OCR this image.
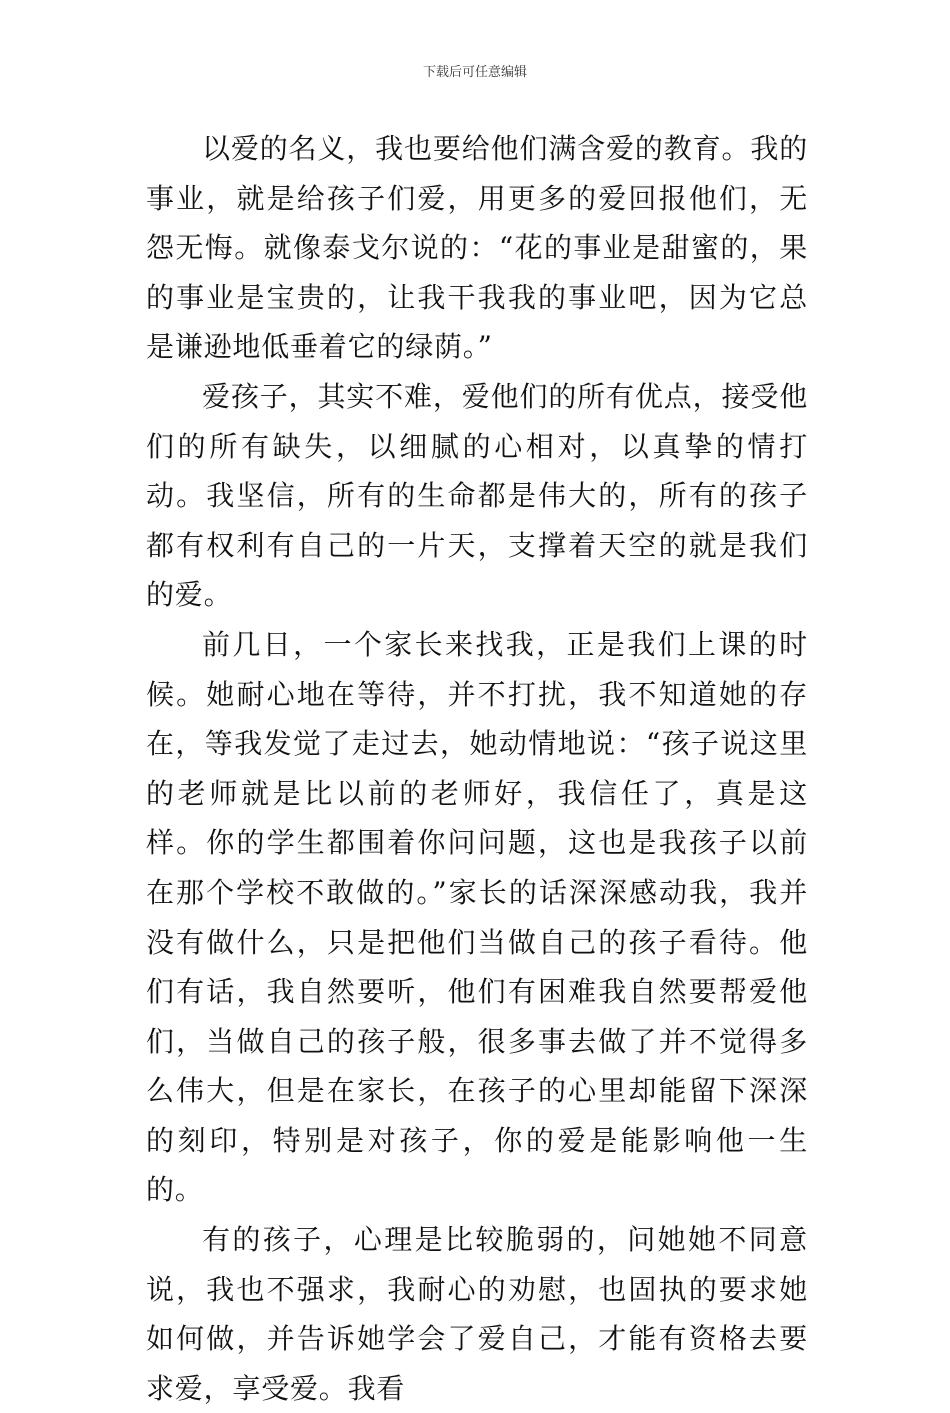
下载后可任意编辑

以爱的名义，我也要给他们满含爱的教育。我的事业，就是给孩子们爱，用更多的爱回报他们，无怨无悔。就像泰戈尔说的：“花的事业是甜蜜的，果的事业是宝贵的，让我干我我的事业吧，因为它总是谦逊地低垂着它的绿荫。”

爱孩子，其实不难，爱他们的所有优点，接受他们的所有缺失，以细腻的心相对，以真挚的情打动。我坚信，所有的生命都是伟大的，所有的孩子都有权利有自己的一片天，支撑着天空的就是我们的爱。

前几日，一个家长来找我，正是我们上课的时候。她耐心地在等待，并不打扰，我不知道她的存在，等我发觉了走过去，她动情地说：“孩子说这里的老师就是比以前的老师好，我信任了，真是这样。你的学生都围着你问问题，这也是我孩子以前在那个学校不敢做的。”家长的话深深感动我，我并没有做什么，只是把他们当做自己的孩子看待。他们有话，我自然要听，他们有困难我自然要帮爱他们，当做自己的孩子般，很多事去做了并不觉得多么伟大，但是在家长，在孩子的心里却能留下深深的刻印，特别是对孩子，你的爱是能影响他一生的。

有的孩子，心理是比较脆弱的，问她她不同意说，我也不强求，我耐心的劝慰，也固执的要求她如何做，并告诉她学会了爱自己，才能有资格去要求爱，享受爱。我看
